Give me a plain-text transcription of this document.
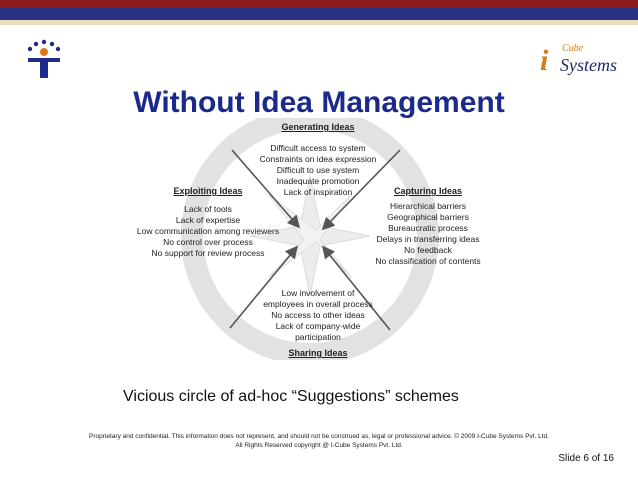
i Cube
Systems
Without Idea Management
Generating Ideas
Difficult access to system
Constraints on idea expression
Difficult to use system
Inadequate promotion
Lack of inspiration
Exploiting Ideas
Lack of tools
Lack of expertise
Low communication among reviewers
No control over process
No support for review process
Capturing Ideas
Hierarchical barriers
Geographical barriers
Bureaucratic process
Delays in transferring ideas
No feedback
No classification of contents
Low involvement of
employees in overall process
No access to other ideas
Lack of company-wide
participation
Sharing Ideas
Vicious circle of ad-hoc “Suggestions” schemes
Proprietary and confidential. This information does not represent, and should not be construed as, legal or professional advice. © 2009 I-Cube Systems Pvt. Ltd.
All Rights Reserved copyright @ I-Cube Systems Pvt. Ltd.
Slide 6 of 16
